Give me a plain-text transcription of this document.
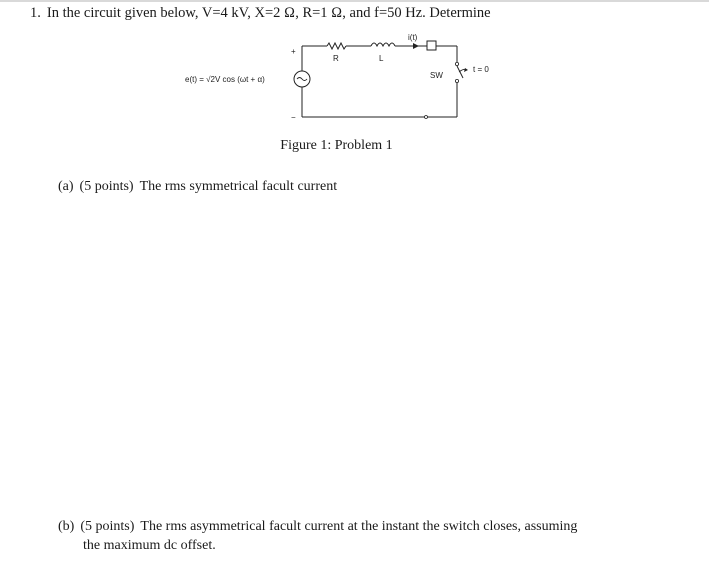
1. In the circuit given below, V=4 kV, X=2 Ω, R=1 Ω, and f=50 Hz. Determine
e(t) = √2V cos (ωt + α)
+
−
R	L
i(t)
SW
t = 0
Figure 1: Problem 1
(a) (5 points) The rms symmetrical facult current
(b) (5 points) The rms asymmetrical facult current at the instant the switch closes, assuming
the maximum dc offset.
